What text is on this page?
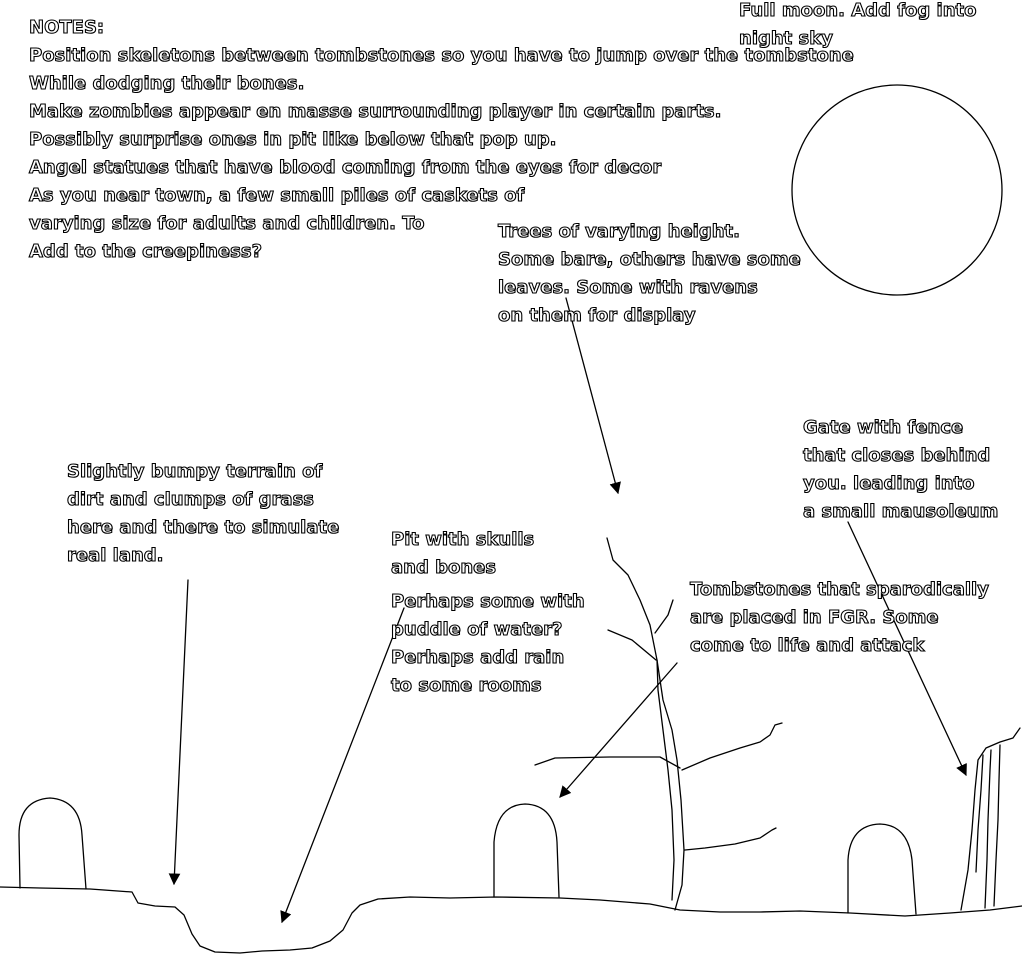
NOTES:
Position skeletons between tombstones so you have to jump over the tombstone
While dodging their bones.
Make zombies appear en masse surrounding player in certain parts.
Possibly surprise ones in pit like below that pop up.
Angel statues that have blood coming from the eyes for decor
As you near town, a few small piles of caskets of
varying size for adults and children. To
Add to the creepiness?
Full moon. Add fog into
night sky
Trees of varying height.
Some bare, others have some
leaves. Some with ravens
on them for display
Slightly bumpy terrain of
dirt and clumps of grass
here and there to simulate
real land.
Pit with skulls
and bones
Perhaps some with
puddle of water?
Perhaps add rain
to some rooms
Gate with fence
that closes behind
you. leading into
a small mausoleum
Tombstones that sparodically
are placed in FGR. Some
come to life and attack
